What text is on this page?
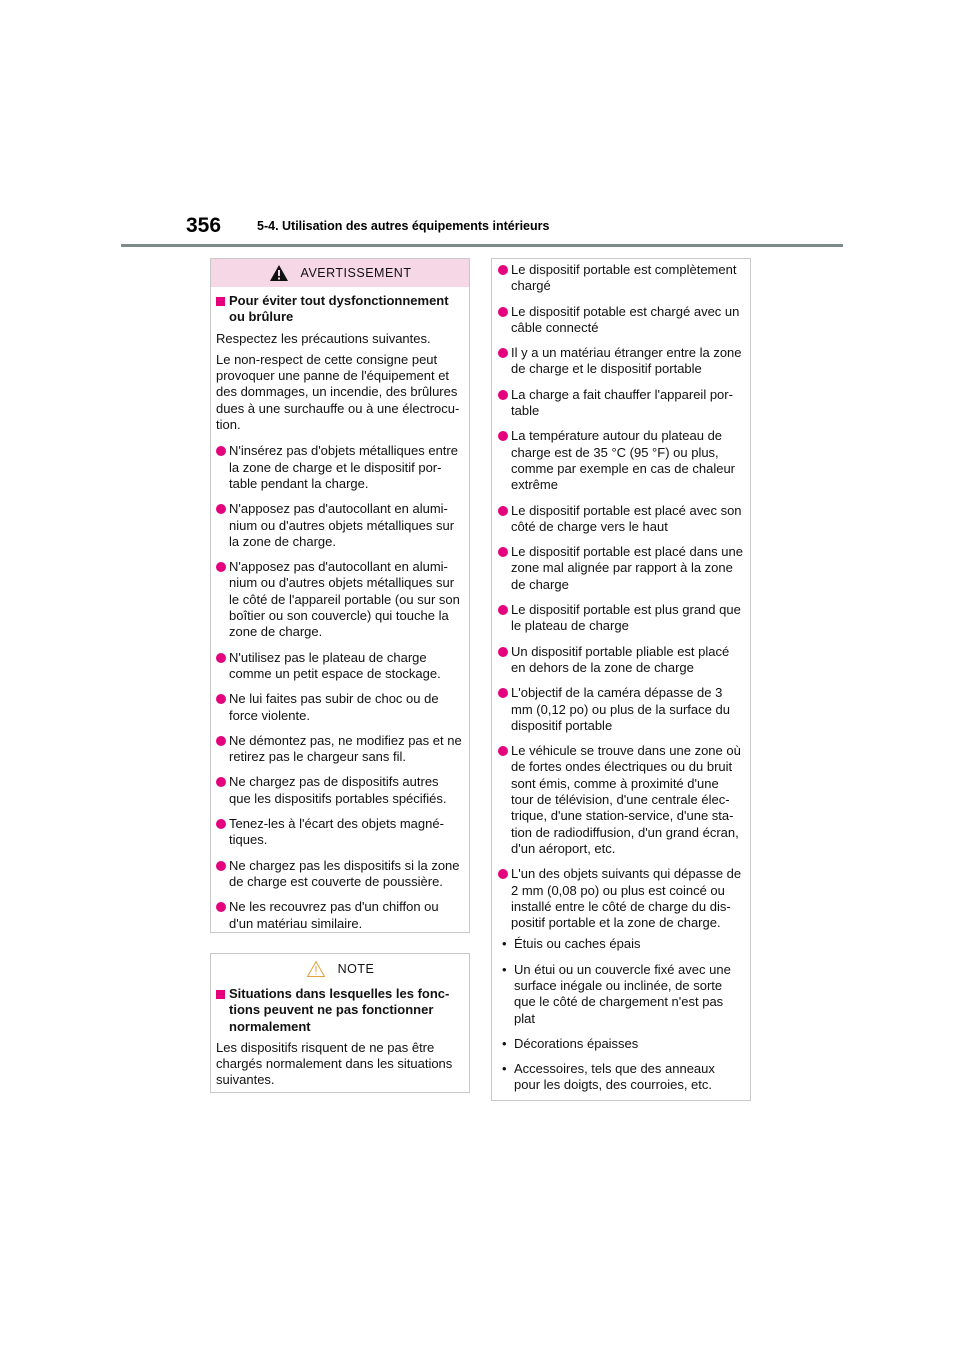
356	5-4. Utilisation des autres équipements intérieurs
AVERTISSEMENT
Pour éviter tout dysfonctionnement ou brûlure

Respectez les précautions suivantes.

Le non-respect de cette consigne peut provoquer une panne de l'équipement et des dommages, un incendie, des brûlures dues à une surchauffe ou à une électrocu-tion.

N'insérez pas d'objets métalliques entre la zone de charge et le dispositif por-table pendant la charge.
N'apposez pas d'autocollant en alumi-nium ou d'autres objets métalliques sur la zone de charge.
N'apposez pas d'autocollant en alumi-nium ou d'autres objets métalliques sur le côté de l'appareil portable (ou sur son boîtier ou son couvercle) qui touche la zone de charge.
N'utilisez pas le plateau de charge comme un petit espace de stockage.
Ne lui faites pas subir de choc ou de force violente.
Ne démontez pas, ne modifiez pas et ne retirez pas le chargeur sans fil.
Ne chargez pas de dispositifs autres que les dispositifs portables spécifiés.
Tenez-les à l'écart des objets magné-tiques.
Ne chargez pas les dispositifs si la zone de charge est couverte de poussière.
Ne les recouvrez pas d'un chiffon ou d'un matériau similaire.
NOTE
Situations dans lesquelles les fonc-tions peuvent ne pas fonctionner normalement

Les dispositifs risquent de ne pas être chargés normalement dans les situations suivantes.

Le dispositif portable est complètement chargé
Le dispositif potable est chargé avec un câble connecté
Il y a un matériau étranger entre la zone de charge et le dispositif portable
La charge a fait chauffer l'appareil por-table
La température autour du plateau de charge est de 35 °C (95 °F) ou plus, comme par exemple en cas de chaleur extrême
Le dispositif portable est placé avec son côté de charge vers le haut
Le dispositif portable est placé dans une zone mal alignée par rapport à la zone de charge
Le dispositif portable est plus grand que le plateau de charge
Un dispositif portable pliable est placé en dehors de la zone de charge
L'objectif de la caméra dépasse de 3 mm (0,12 po) ou plus de la surface du dispositif portable
Le véhicule se trouve dans une zone où de fortes ondes électriques ou du bruit sont émis, comme à proximité d'une tour de télévision, d'une centrale élec-trique, d'une station-service, d'une sta-tion de radiodiffusion, d'un grand écran, d'un aéroport, etc.
L'un des objets suivants qui dépasse de 2 mm (0,08 po) ou plus est coincé ou installé entre le côté de charge du dis-positif portable et la zone de charge.
• Étuis ou caches épais
• Un étui ou un couvercle fixé avec une surface inégale ou inclinée, de sorte que le côté de chargement n'est pas plat
• Décorations épaisses
• Accessoires, tels que des anneaux pour les doigts, des courroies, etc.
